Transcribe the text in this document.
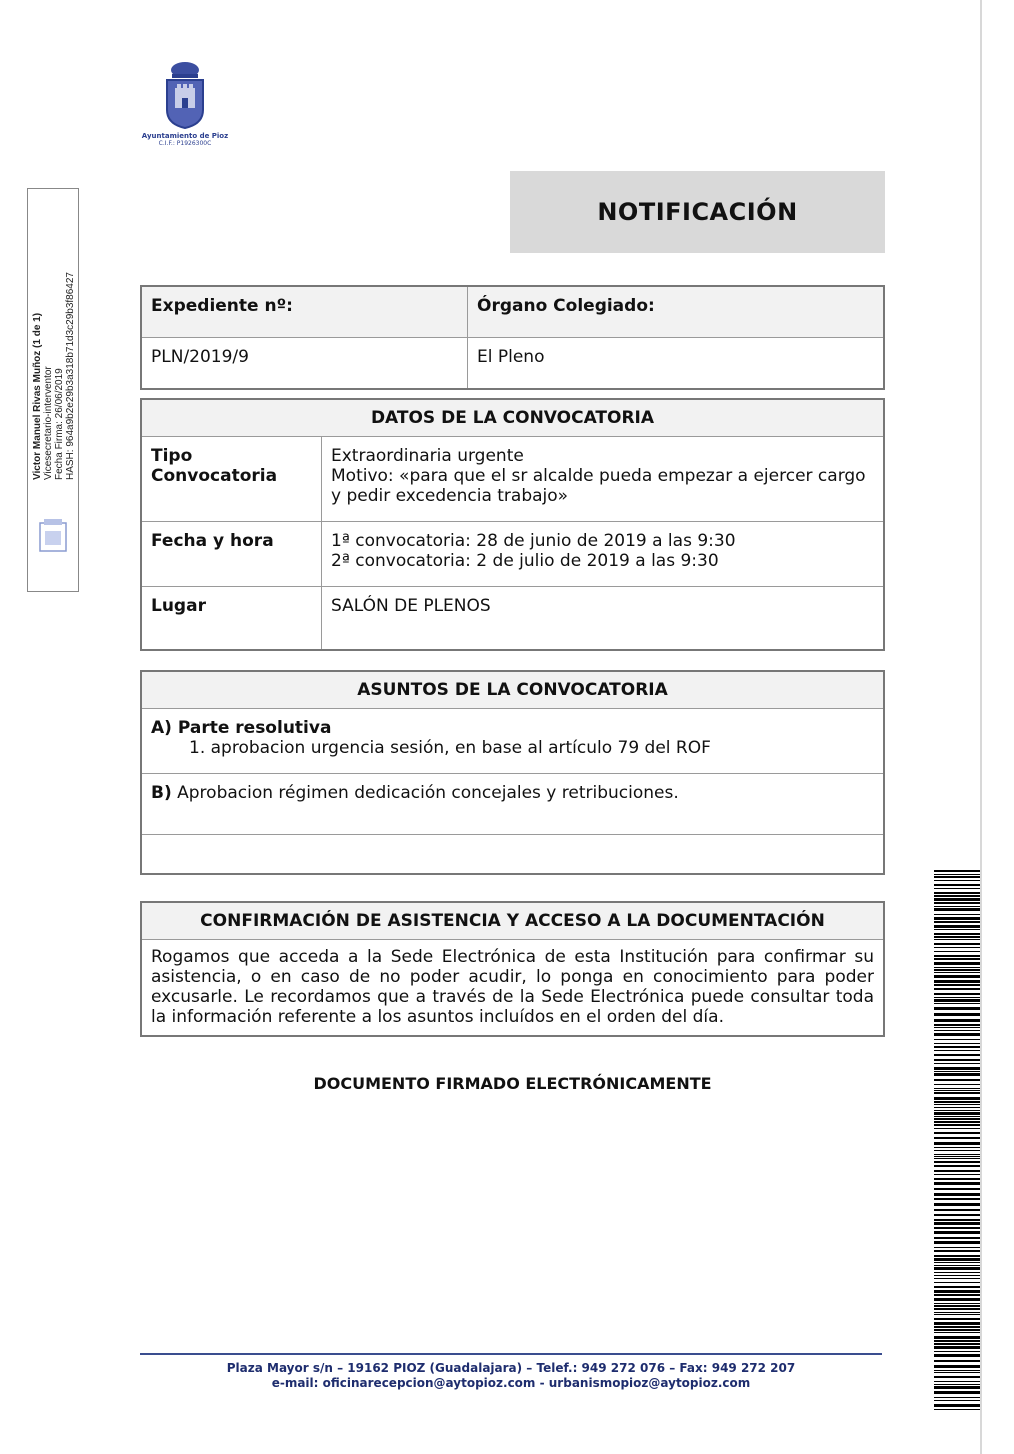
Ayuntamiento de Pioz
C.I.F.: P1926300C
Victor Manuel Rivas Muñoz (1 de 1) Vicesecretario-interventor Fecha Firma: 26/06/2019 HASH: 964a9b2e29b3a318b71d3c29b3f86427
NOTIFICACIÓN
Expediente nº:	Órgano Colegiado:
PLN/2019/9	El Pleno
DATOS DE LA CONVOCATORIA	
Tipo Convocatoria	Extraordinaria urgente
Motivo: «para que el sr alcalde pueda empezar a ejercer cargo y pedir excedencia trabajo»

Fecha y hora	1ª convocatoria: 28 de junio de 2019 a las 9:30
2ª convocatoria: 2 de julio de 2019 a las 9:30

Lugar	SALÓN DE PLENOS
ASUNTOS DE LA CONVOCATORIA

A) Parte resolutiva
1. aprobacion urgencia sesión, en base al artículo 79 del ROF

B) Aprobacion régimen dedicación concejales y retribuciones.

CONFIRMACIÓN DE ASISTENCIA Y ACCESO A LA DOCUMENTACIÓN
Rogamos que acceda a la Sede Electrónica de esta Institución para confirmar su asistencia, o en caso de no poder acudir, lo ponga en conocimiento para poder excusarle. Le recordamos que a través de la Sede Electrónica puede consultar toda la información referente a los asuntos incluídos en el orden del día.
DOCUMENTO FIRMADO ELECTRÓNICAMENTE
Plaza Mayor s/n – 19162 PIOZ (Guadalajara) – Telef.: 949 272 076 – Fax: 949 272 207
e-mail: oficinarecepcion@aytopioz.com - urbanismopioz@aytopioz.com
